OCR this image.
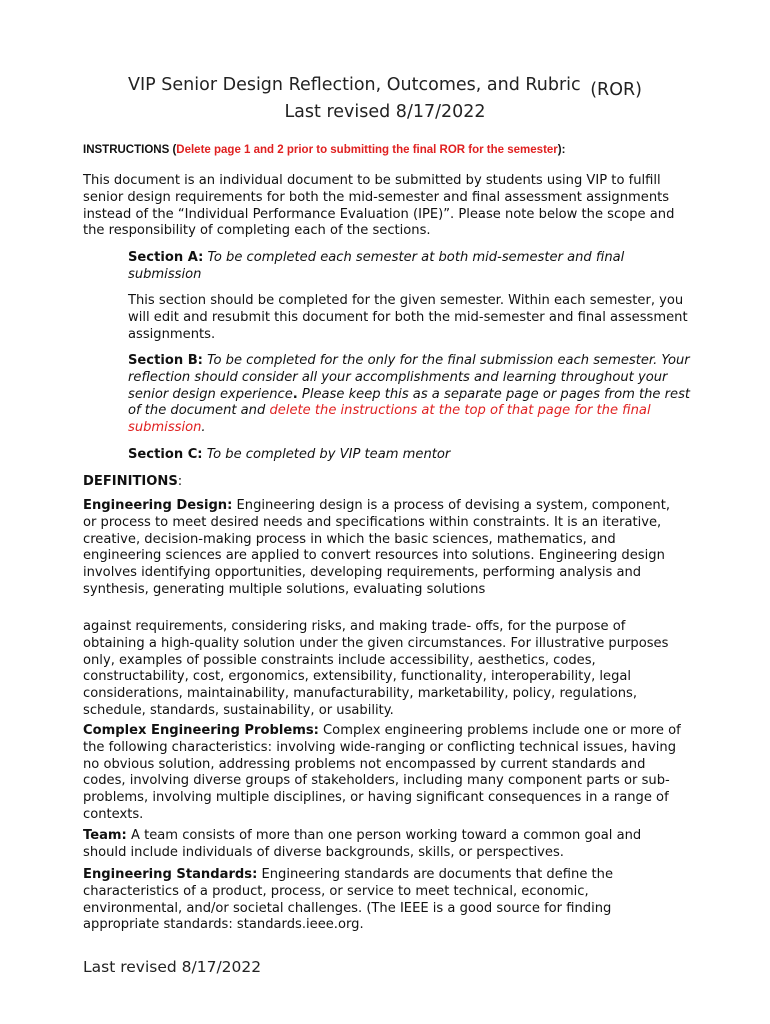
VIP Senior Design Reflection, Outcomes, and Rubric (ROR)
Last revised 8/17/2022
INSTRUCTIONS (Delete page 1 and 2 prior to submitting the final ROR for the semester):
This document is an individual document to be submitted by students using VIP to fulfill senior design requirements for both the mid-semester and final assessment assignments instead of the “Individual Performance Evaluation (IPE)”. Please note below the scope and the responsibility of completing each of the sections.
Section A: To be completed each semester at both mid-semester and final submission
This section should be completed for the given semester. Within each semester, you will edit and resubmit this document for both the mid-semester and final assessment assignments.
Section B: To be completed for the only for the final submission each semester. Your reflection should consider all your accomplishments and learning throughout your senior design experience. Please keep this as a separate page or pages from the rest of the document and delete the instructions at the top of that page for the final submission.
Section C: To be completed by VIP team mentor
DEFINITIONS:
Engineering Design: Engineering design is a process of devising a system, component, or process to meet desired needs and specifications within constraints. It is an iterative, creative, decision-making process in which the basic sciences, mathematics, and engineering sciences are applied to convert resources into solutions. Engineering design involves identifying opportunities, developing requirements, performing analysis and synthesis, generating multiple solutions, evaluating solutions
against requirements, considering risks, and making trade- offs, for the purpose of obtaining a high-quality solution under the given circumstances. For illustrative purposes only, examples of possible constraints include accessibility, aesthetics, codes, constructability, cost, ergonomics, extensibility, functionality, interoperability, legal considerations, maintainability, manufacturability, marketability, policy, regulations, schedule, standards, sustainability, or usability.
Complex Engineering Problems: Complex engineering problems include one or more of the following characteristics: involving wide-ranging or conflicting technical issues, having no obvious solution, addressing problems not encompassed by current standards and codes, involving diverse groups of stakeholders, including many component parts or sub-problems, involving multiple disciplines, or having significant consequences in a range of contexts.
Team: A team consists of more than one person working toward a common goal and should include individuals of diverse backgrounds, skills, or perspectives.
Engineering Standards: Engineering standards are documents that define the characteristics of a product, process, or service to meet technical, economic, environmental, and/or societal challenges. (The IEEE is a good source for finding appropriate standards: standards.ieee.org.
Last revised 8/17/2022
